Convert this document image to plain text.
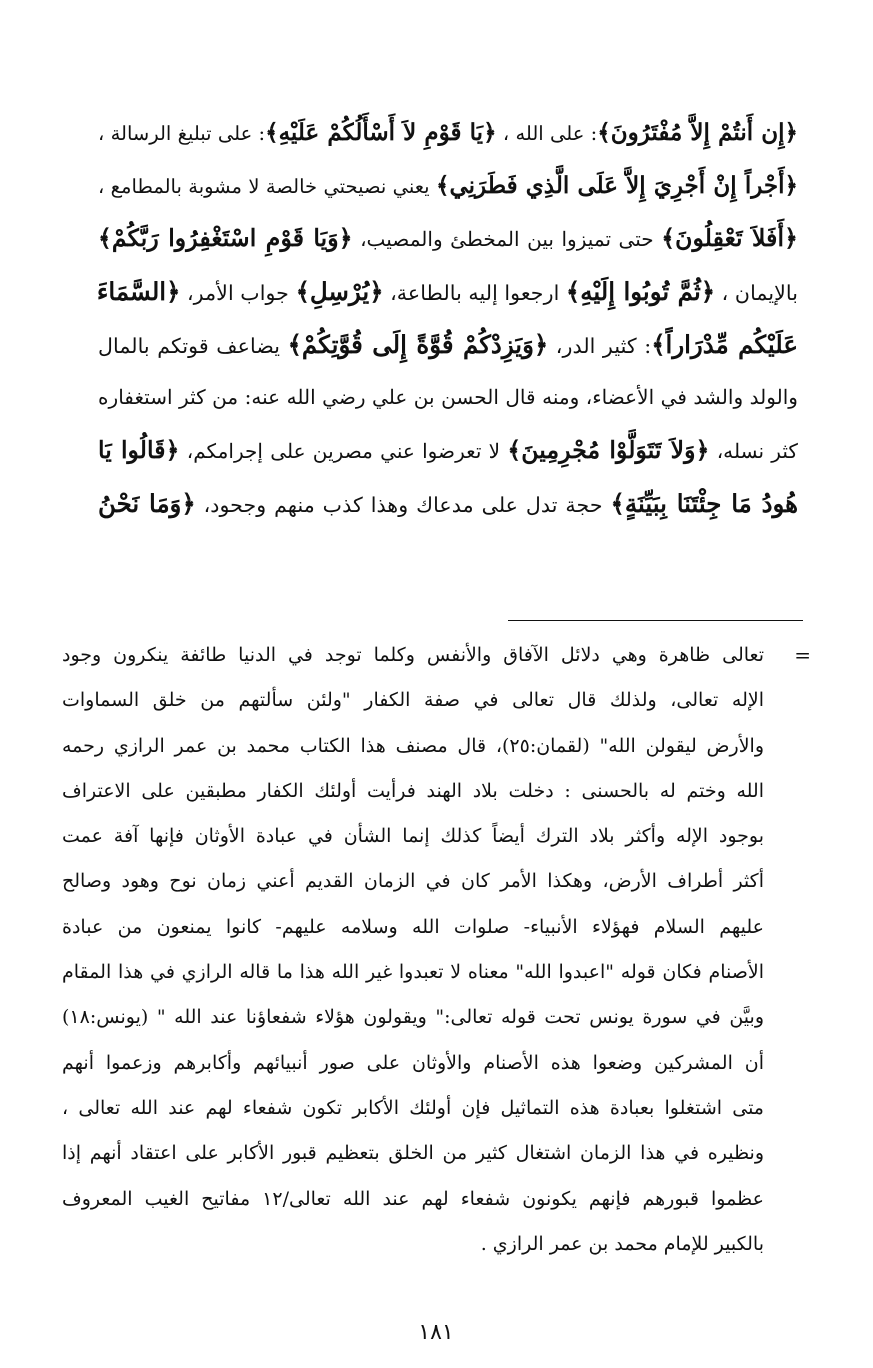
﴿إِن أَنتُمْ إِلاَّ مُفْتَرُونَ﴾: على الله ، ﴿يَا قَوْمِ لاَ أَسْأَلُكُمْ عَلَيْهِ﴾: على تبليغ الرسالة ،
﴿أَجْراً إِنْ أَجْرِيَ إِلاَّ عَلَى الَّذِي فَطَرَنِي﴾ يعني نصيحتي خالصة لا مشوبة بالمطامع ،
﴿أَفَلاَ تَعْقِلُونَ﴾ حتى تميزوا بين المخطئ والمصيب، ﴿وَيَا قَوْمِ اسْتَغْفِرُوا رَبَّكُمْ﴾
بالإيمان ، ﴿ثُمَّ تُوبُوا إِلَيْهِ﴾ ارجعوا إليه بالطاعة، ﴿يُرْسِلِ﴾ جواب الأمر، ﴿السَّمَاءَ
عَلَيْكُم مِّدْرَاراً﴾: كثير الدر، ﴿وَيَزِدْكُمْ قُوَّةً إِلَى قُوَّتِكُمْ﴾ يضاعف قوتكم بالمال
والولد والشد في الأعضاء، ومنه قال الحسن بن علي رضي الله عنه: من كثر استغفاره
كثر نسله، ﴿وَلاَ تَتَوَلَّوْا مُجْرِمِينَ﴾ لا تعرضوا عني مصرين على إجرامكم، ﴿قَالُوا يَا
هُودُ مَا جِئْتَنَا بِبَيِّنَةٍ﴾ حجة تدل على مدعاك وهذا كذب منهم وجحود، ﴿وَمَا نَحْنُ
=
تعالى ظاهرة وهي دلائل الآفاق والأنفس وكلما توجد في الدنيا طائفة ينكرون وجود
الإله تعالى، ولذلك قال تعالى في صفة الكفار "ولئن سألتهم من خلق السماوات
والأرض ليقولن الله" (لقمان:٢٥)، قال مصنف هذا الكتاب محمد بن عمر الرازي رحمه
الله وختم له بالحسنى : دخلت بلاد الهند فرأيت أولئك الكفار مطبقين على الاعتراف
بوجود الإله وأكثر بلاد الترك أيضاً كذلك إنما الشأن في عبادة الأوثان فإنها آفة عمت
أكثر أطراف الأرض، وهكذا الأمر كان في الزمان القديم أعني زمان نوح وهود وصالح
عليهم السلام فهؤلاء الأنبياء- صلوات الله وسلامه عليهم- كانوا يمنعون من عبادة
الأصنام فكان قوله "اعبدوا الله" معناه لا تعبدوا غير الله هذا ما قاله الرازي في هذا المقام
وبيَّن في سورة يونس تحت قوله تعالى:" ويقولون هؤلاء شفعاؤنا عند الله " (يونس:١٨)
أن المشركين وضعوا هذه الأصنام والأوثان على صور أنبيائهم وأكابرهم وزعموا أنهم
متى اشتغلوا بعبادة هذه التماثيل فإن أولئك الأكابر تكون شفعاء لهم عند الله تعالى ،
ونظيره في هذا الزمان اشتغال كثير من الخلق بتعظيم قبور الأكابر على اعتقاد أنهم إذا
عظموا قبورهم فإنهم يكونون شفعاء لهم عند الله تعالى/١٢ مفاتيح الغيب المعروف
بالكبير للإمام محمد بن عمر الرازي .
١٨١
